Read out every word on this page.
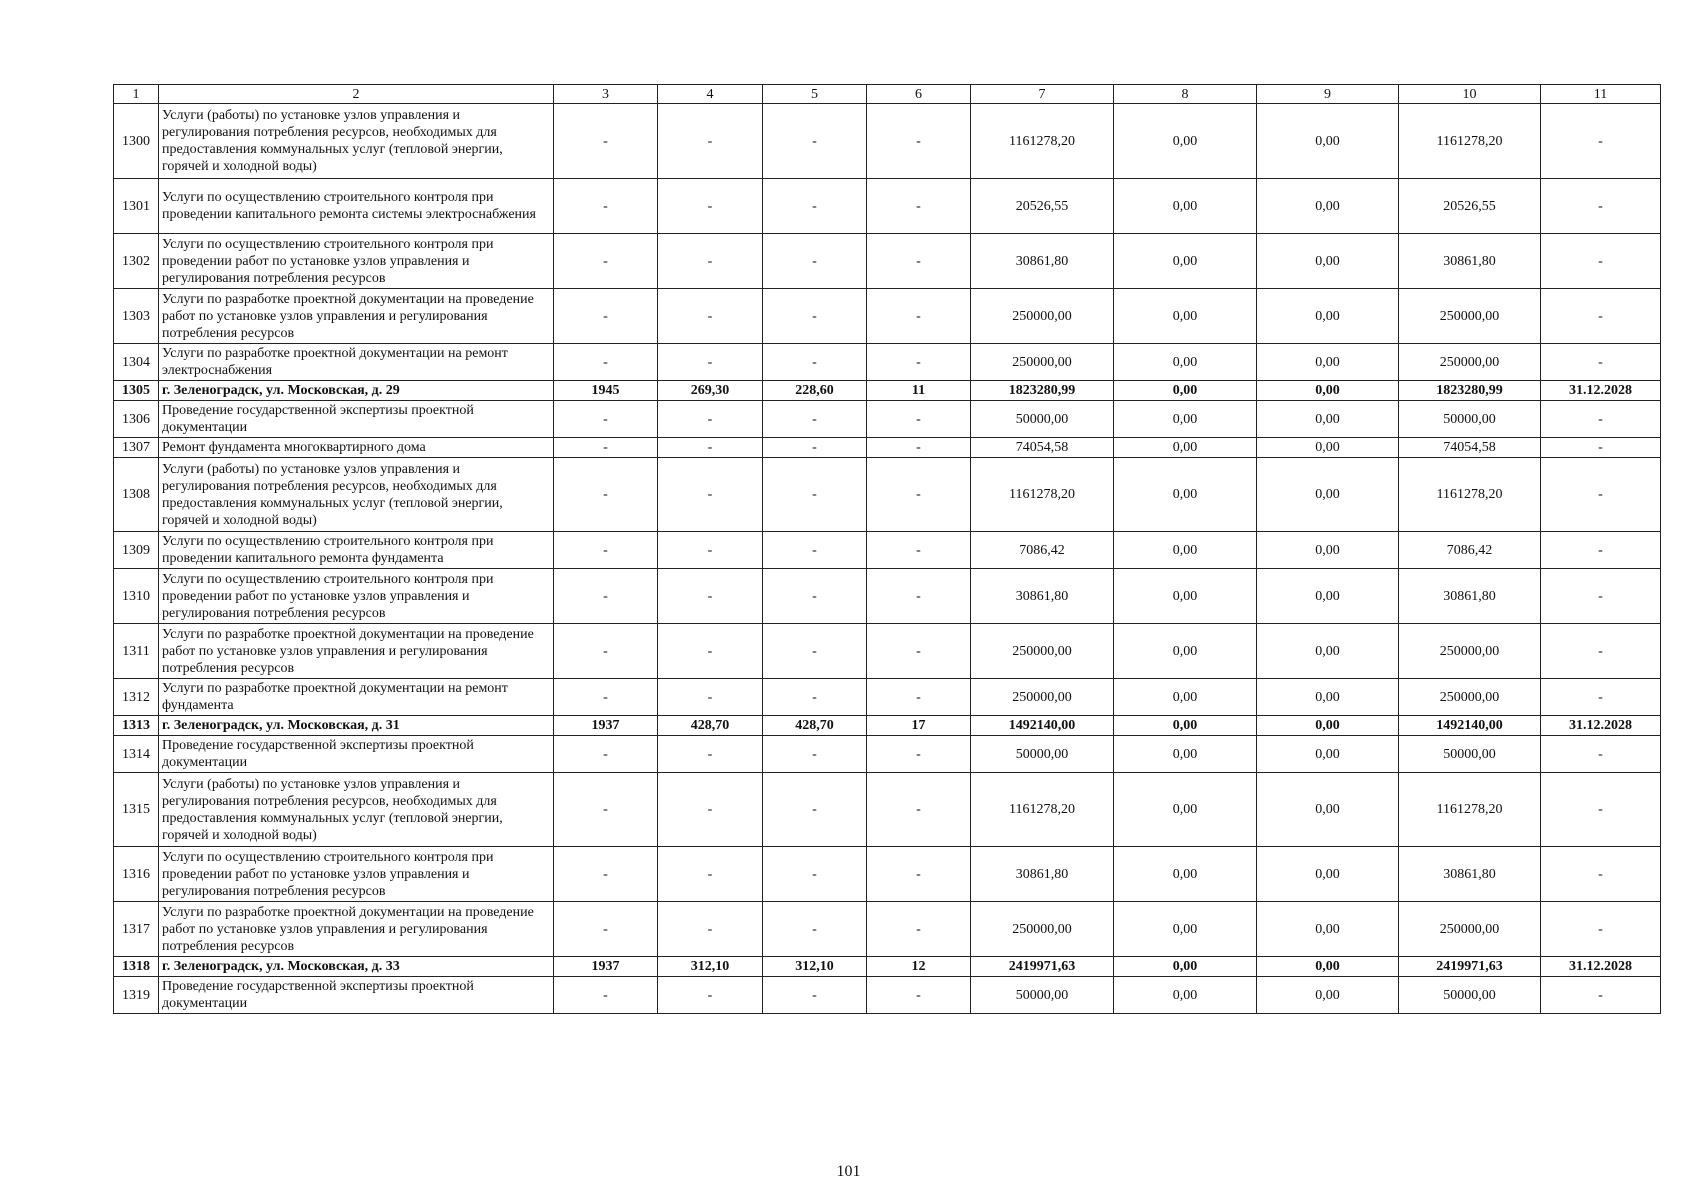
1	2	3	4	5	6	7	8	9	10	11
1300	Услуги (работы) по установке узлов управления и регулирования потребления ресурсов, необходимых для предоставления коммунальных услуг (тепловой энергии, горячей и холодной воды)	-	-	-	-	1161278,20	0,00	0,00	1161278,20	-
1301	Услуги по осуществлению строительного контроля при проведении капитального ремонта системы электроснабжения	-	-	-	-	20526,55	0,00	0,00	20526,55	-
1302	Услуги по осуществлению строительного контроля при проведении работ по установке узлов управления и регулирования потребления ресурсов	-	-	-	-	30861,80	0,00	0,00	30861,80	-
1303	Услуги по разработке проектной документации на проведение работ по установке узлов управления и регулирования потребления ресурсов	-	-	-	-	250000,00	0,00	0,00	250000,00	-
1304	Услуги по разработке проектной документации на ремонт электроснабжения	-	-	-	-	250000,00	0,00	0,00	250000,00	-
1305	г. Зеленоградск, ул. Московская, д. 29	1945	269,30	228,60	11	1823280,99	0,00	0,00	1823280,99	31.12.2028
1306	Проведение государственной экспертизы проектной документации	-	-	-	-	50000,00	0,00	0,00	50000,00	-
1307	Ремонт фундамента многоквартирного дома	-	-	-	-	74054,58	0,00	0,00	74054,58	-
1308	Услуги (работы) по установке узлов управления и регулирования потребления ресурсов, необходимых для предоставления коммунальных услуг (тепловой энергии, горячей и холодной воды)	-	-	-	-	1161278,20	0,00	0,00	1161278,20	-
1309	Услуги по осуществлению строительного контроля при проведении капитального ремонта фундамента	-	-	-	-	7086,42	0,00	0,00	7086,42	-
1310	Услуги по осуществлению строительного контроля при проведении работ по установке узлов управления и регулирования потребления ресурсов	-	-	-	-	30861,80	0,00	0,00	30861,80	-
1311	Услуги по разработке проектной документации на проведение работ по установке узлов управления и регулирования потребления ресурсов	-	-	-	-	250000,00	0,00	0,00	250000,00	-
1312	Услуги по разработке проектной документации на ремонт фундамента	-	-	-	-	250000,00	0,00	0,00	250000,00	-
1313	г. Зеленоградск, ул. Московская, д. 31	1937	428,70	428,70	17	1492140,00	0,00	0,00	1492140,00	31.12.2028
1314	Проведение государственной экспертизы проектной документации	-	-	-	-	50000,00	0,00	0,00	50000,00	-
1315	Услуги (работы) по установке узлов управления и регулирования потребления ресурсов, необходимых для предоставления коммунальных услуг (тепловой энергии, горячей и холодной воды)	-	-	-	-	1161278,20	0,00	0,00	1161278,20	-
1316	Услуги по осуществлению строительного контроля при проведении работ по установке узлов управления и регулирования потребления ресурсов	-	-	-	-	30861,80	0,00	0,00	30861,80	-
1317	Услуги по разработке проектной документации на проведение работ по установке узлов управления и регулирования потребления ресурсов	-	-	-	-	250000,00	0,00	0,00	250000,00	-
1318	г. Зеленоградск, ул. Московская, д. 33	1937	312,10	312,10	12	2419971,63	0,00	0,00	2419971,63	31.12.2028
1319	Проведение государственной экспертизы проектной документации	-	-	-	-	50000,00	0,00	0,00	50000,00	-
101
